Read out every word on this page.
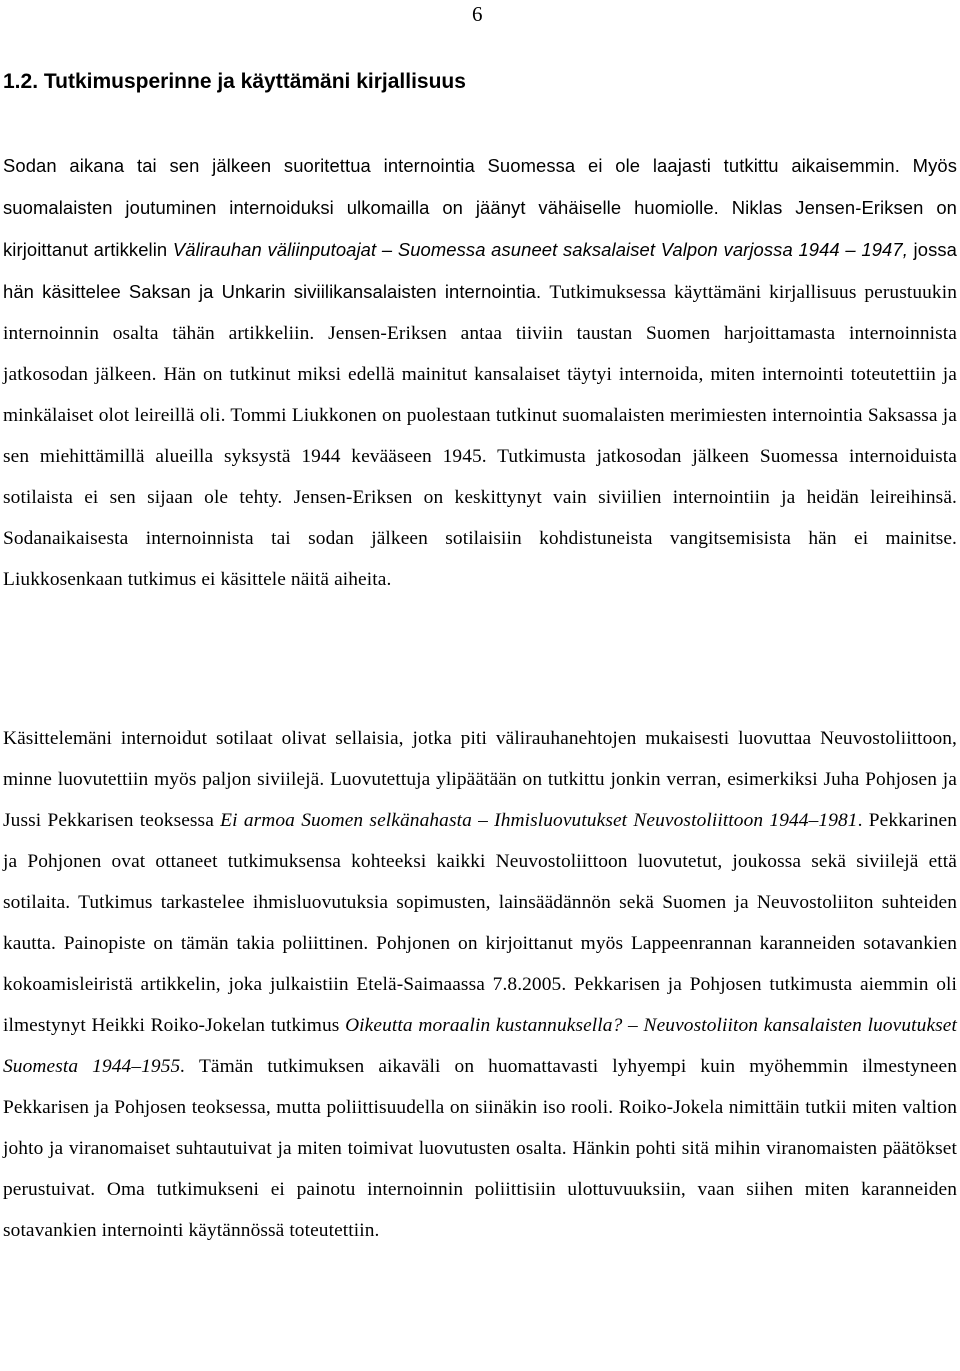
6
1.2. Tutkimusperinne ja käyttämäni kirjallisuus

Sodan aikana tai sen jälkeen suoritettua internointia Suomessa ei ole laajasti tutkittu aikaisemmin. Myös suomalaisten joutuminen internoiduksi ulkomailla on jäänyt vähäiselle huomiolle. Niklas Jensen-Eriksen on kirjoittanut artikkelin Välirauhan väliinputoajat – Suomessa asuneet saksalaiset Valpon varjossa 1944 – 1947, jossa hän käsittelee Saksan ja Unkarin siviilikansalaisten internointia. Tutkimuksessa käyttämäni kirjallisuus perustuukin internoinnin osalta tähän artikkeliin. Jensen-Eriksen antaa tiiviin taustan Suomen harjoittamasta internoinnista jatkosodan jälkeen. Hän on tutkinut miksi edellä mainitut kansalaiset täytyi internoida, miten internointi toteutettiin ja minkälaiset olot leireillä oli. Tommi Liukkonen on puolestaan tutkinut suomalaisten merimiesten internointia Saksassa ja sen miehittämillä alueilla syksystä 1944 kevääseen 1945. Tutkimusta jatkosodan jälkeen Suomessa internoiduista sotilaista ei sen sijaan ole tehty. Jensen-Eriksen on keskittynyt vain siviilien internointiin ja heidän leireihinsä. Sodanaikaisesta internoinnista tai sodan jälkeen sotilaisiin kohdistuneista vangitsemisista hän ei mainitse. Liukkosenkaan tutkimus ei käsittele näitä aiheita.

Käsittelemäni internoidut sotilaat olivat sellaisia, jotka piti välirauhanehtojen mukaisesti luovuttaa Neuvostoliittoon, minne luovutettiin myös paljon siviilejä. Luovutettuja ylipäätään on tutkittu jonkin verran, esimerkiksi Juha Pohjosen ja Jussi Pekkarisen teoksessa Ei armoa Suomen selkänahasta – Ihmisluovutukset Neuvostoliittoon 1944–1981. Pekkarinen ja Pohjonen ovat ottaneet tutkimuksensa kohteeksi kaikki Neuvostoliittoon luovutetut, joukossa sekä siviilejä että sotilaita. Tutkimus tarkastelee ihmisluovutuksia sopimusten, lainsäädännön sekä Suomen ja Neuvostoliiton suhteiden kautta. Painopiste on tämän takia poliittinen. Pohjonen on kirjoittanut myös Lappeenrannan karanneiden sotavankien kokoamisleiristä artikkelin, joka julkaistiin Etelä-Saimaassa 7.8.2005. Pekkarisen ja Pohjosen tutkimusta aiemmin oli ilmestynyt Heikki Roiko-Jokelan tutkimus Oikeutta moraalin kustannuksella? – Neuvostoliiton kansalaisten luovutukset Suomesta 1944–1955. Tämän tutkimuksen aikaväli on huomattavasti lyhyempi kuin myöhemmin ilmestyneen Pekkarisen ja Pohjosen teoksessa, mutta poliittisuudella on siinäkin iso rooli. Roiko-Jokela nimittäin tutkii miten valtion johto ja viranomaiset suhtautuivat ja miten toimivat luovutusten osalta. Hänkin pohti sitä mihin viranomaisten päätökset perustuivat. Oma tutkimukseni ei painotu internoinnin poliittisiin ulottuvuuksiin, vaan siihen miten karanneiden sotavankien internointi käytännössä toteutettiin.
